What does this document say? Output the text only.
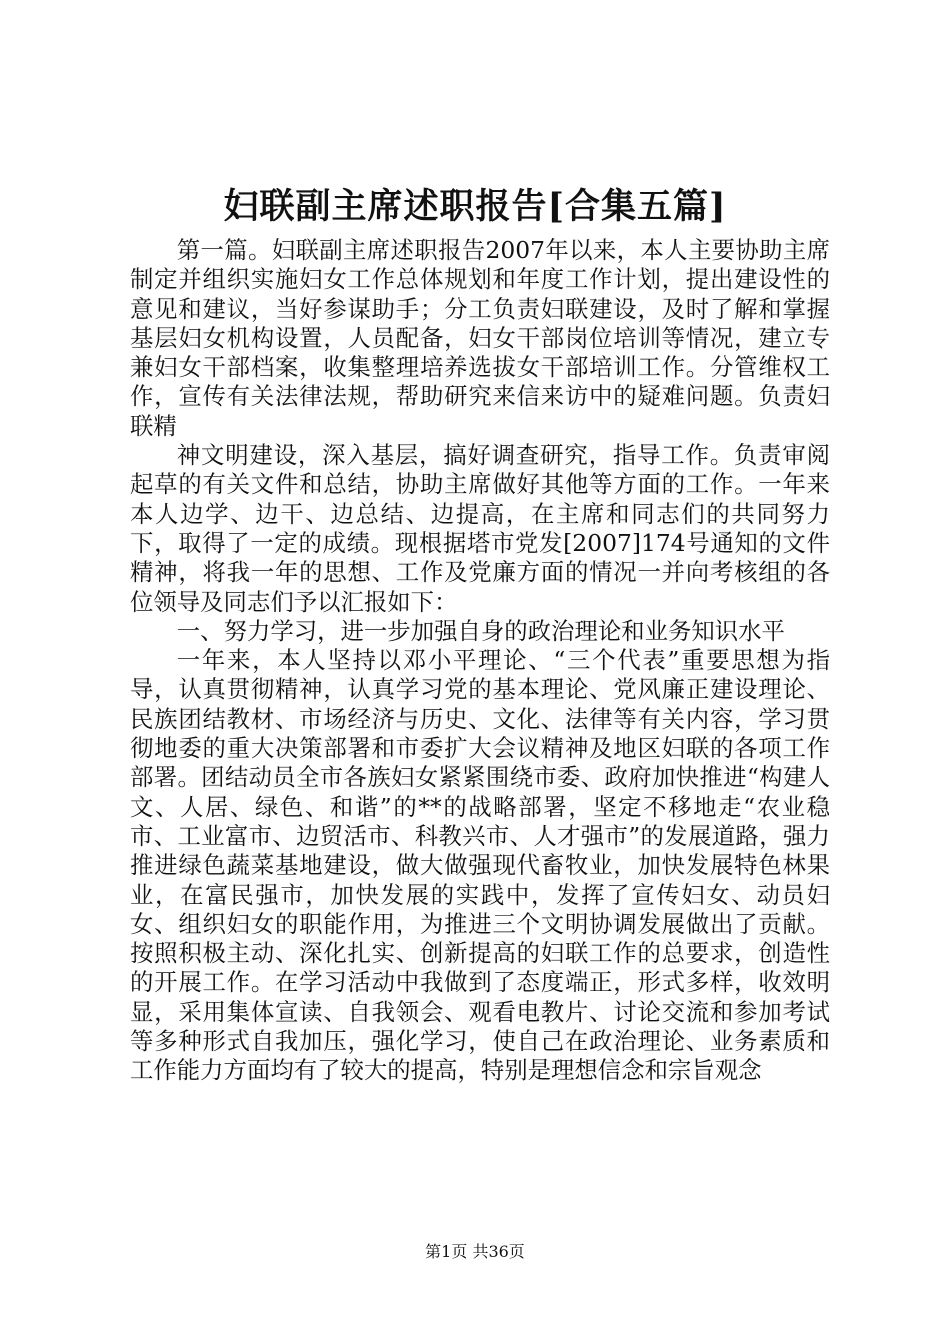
妇联副主席述职报告[合集五篇]

第一篇。妇联副主席述职报告2007年以来，本人主要协助主席制定并组织实施妇女工作总体规划和年度工作计划，提出建设性的意见和建议，当好参谋助手；分工负责妇联建设，及时了解和掌握基层妇女机构设置，人员配备，妇女干部岗位培训等情况，建立专兼妇女干部档案，收集整理培养选拔女干部培训工作。分管维权工作，宣传有关法律法规，帮助研究来信来访中的疑难问题。负责妇联精

神文明建设，深入基层，搞好调查研究，指导工作。负责审阅起草的有关文件和总结，协助主席做好其他等方面的工作。一年来本人边学、边干、边总结、边提高，在主席和同志们的共同努力下，取得了一定的成绩。现根据塔市党发[2007]174号通知的文件精神，将我一年的思想、工作及党廉方面的情况一并向考核组的各位领导及同志们予以汇报如下：

一、努力学习，进一步加强自身的政治理论和业务知识水平

一年来，本人坚持以邓小平理论、“三个代表”重要思想为指导，认真贯彻精神，认真学习党的基本理论、党风廉正建设理论、民族团结教材、市场经济与历史、文化、法律等有关内容，学习贯彻地委的重大决策部署和市委扩大会议精神及地区妇联的各项工作部署。团结动员全市各族妇女紧紧围绕市委、政府加快推进“构建人文、人居、绿色、和谐”的**的战略部署，坚定不移地走“农业稳市、工业富市、边贸活市、科教兴市、人才强市”的发展道路，强力推进绿色蔬菜基地建设，做大做强现代畜牧业，加快发展特色林果业，在富民强市，加快发展的实践中，发挥了宣传妇女、动员妇女、组织妇女的职能作用，为推进三个文明协调发展做出了贡献。按照积极主动、深化扎实、创新提高的妇联工作的总要求，创造性的开展工作。在学习活动中我做到了态度端正，形式多样，收效明显，采用集体宣读、自我领会、观看电教片、讨论交流和参加考试等多种形式自我加压，强化学习，使自己在政治理论、业务素质和工作能力方面均有了较大的提高，特别是理想信念和宗旨观念

第1页 共36页
